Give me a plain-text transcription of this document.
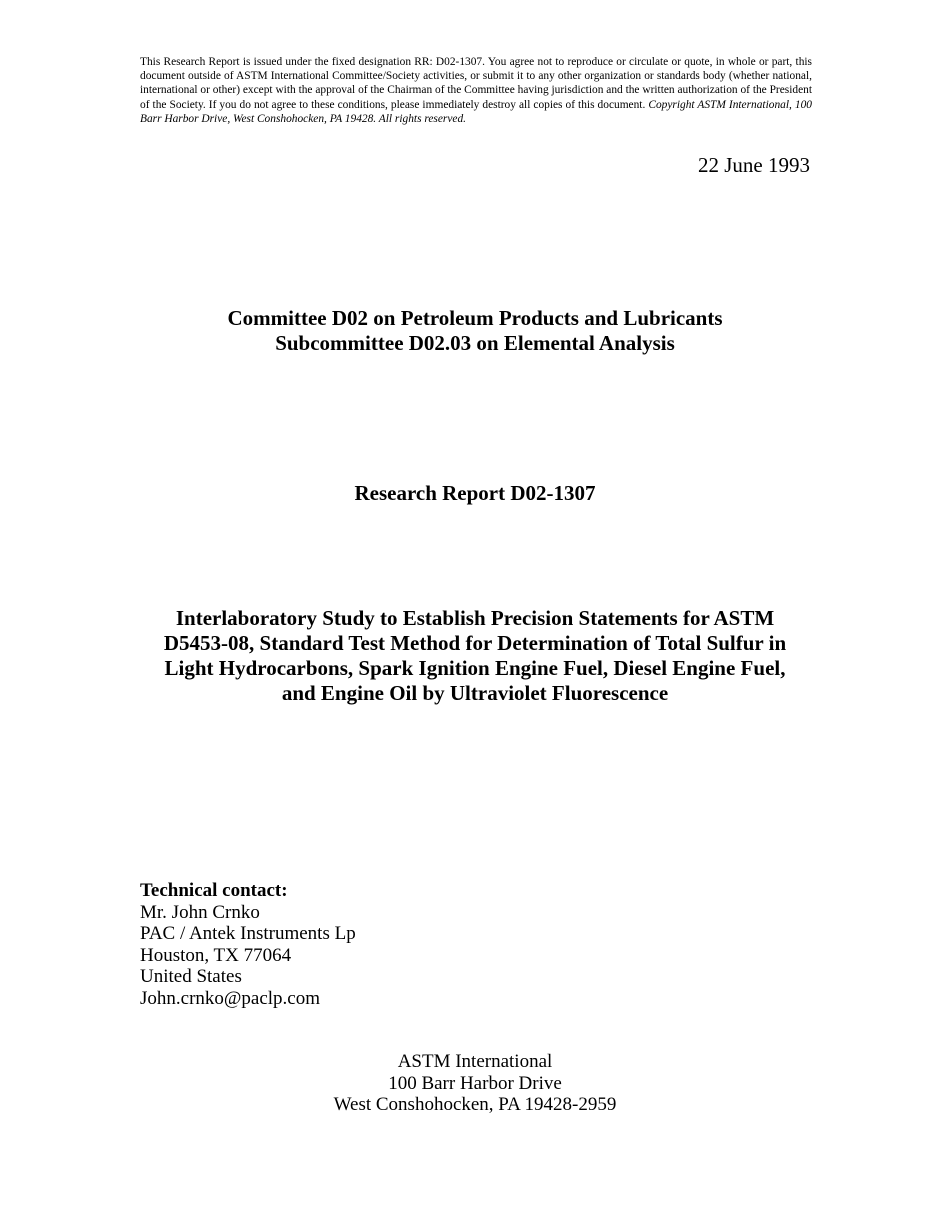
This Research Report is issued under the fixed designation RR: D02-1307. You agree not to reproduce or circulate or quote, in whole or part, this document outside of ASTM International Committee/Society activities, or submit it to any other organization or standards body (whether national, international or other) except with the approval of the Chairman of the Committee having jurisdiction and the written authorization of the President of the Society. If you do not agree to these conditions, please immediately destroy all copies of this document. Copyright ASTM International, 100 Barr Harbor Drive, West Conshohocken, PA 19428. All rights reserved.
22 June 1993
Committee D02 on Petroleum Products and Lubricants
Subcommittee D02.03 on Elemental Analysis
Research Report D02-1307
Interlaboratory Study to Establish Precision Statements for ASTM
D5453-08, Standard Test Method for Determination of Total Sulfur in
Light Hydrocarbons, Spark Ignition Engine Fuel, Diesel Engine Fuel,
and Engine Oil by Ultraviolet Fluorescence
Technical contact:
Mr. John Crnko
PAC / Antek Instruments Lp
Houston, TX 77064
United States
John.crnko@paclp.com
ASTM International
100 Barr Harbor Drive
West Conshohocken, PA 19428-2959
